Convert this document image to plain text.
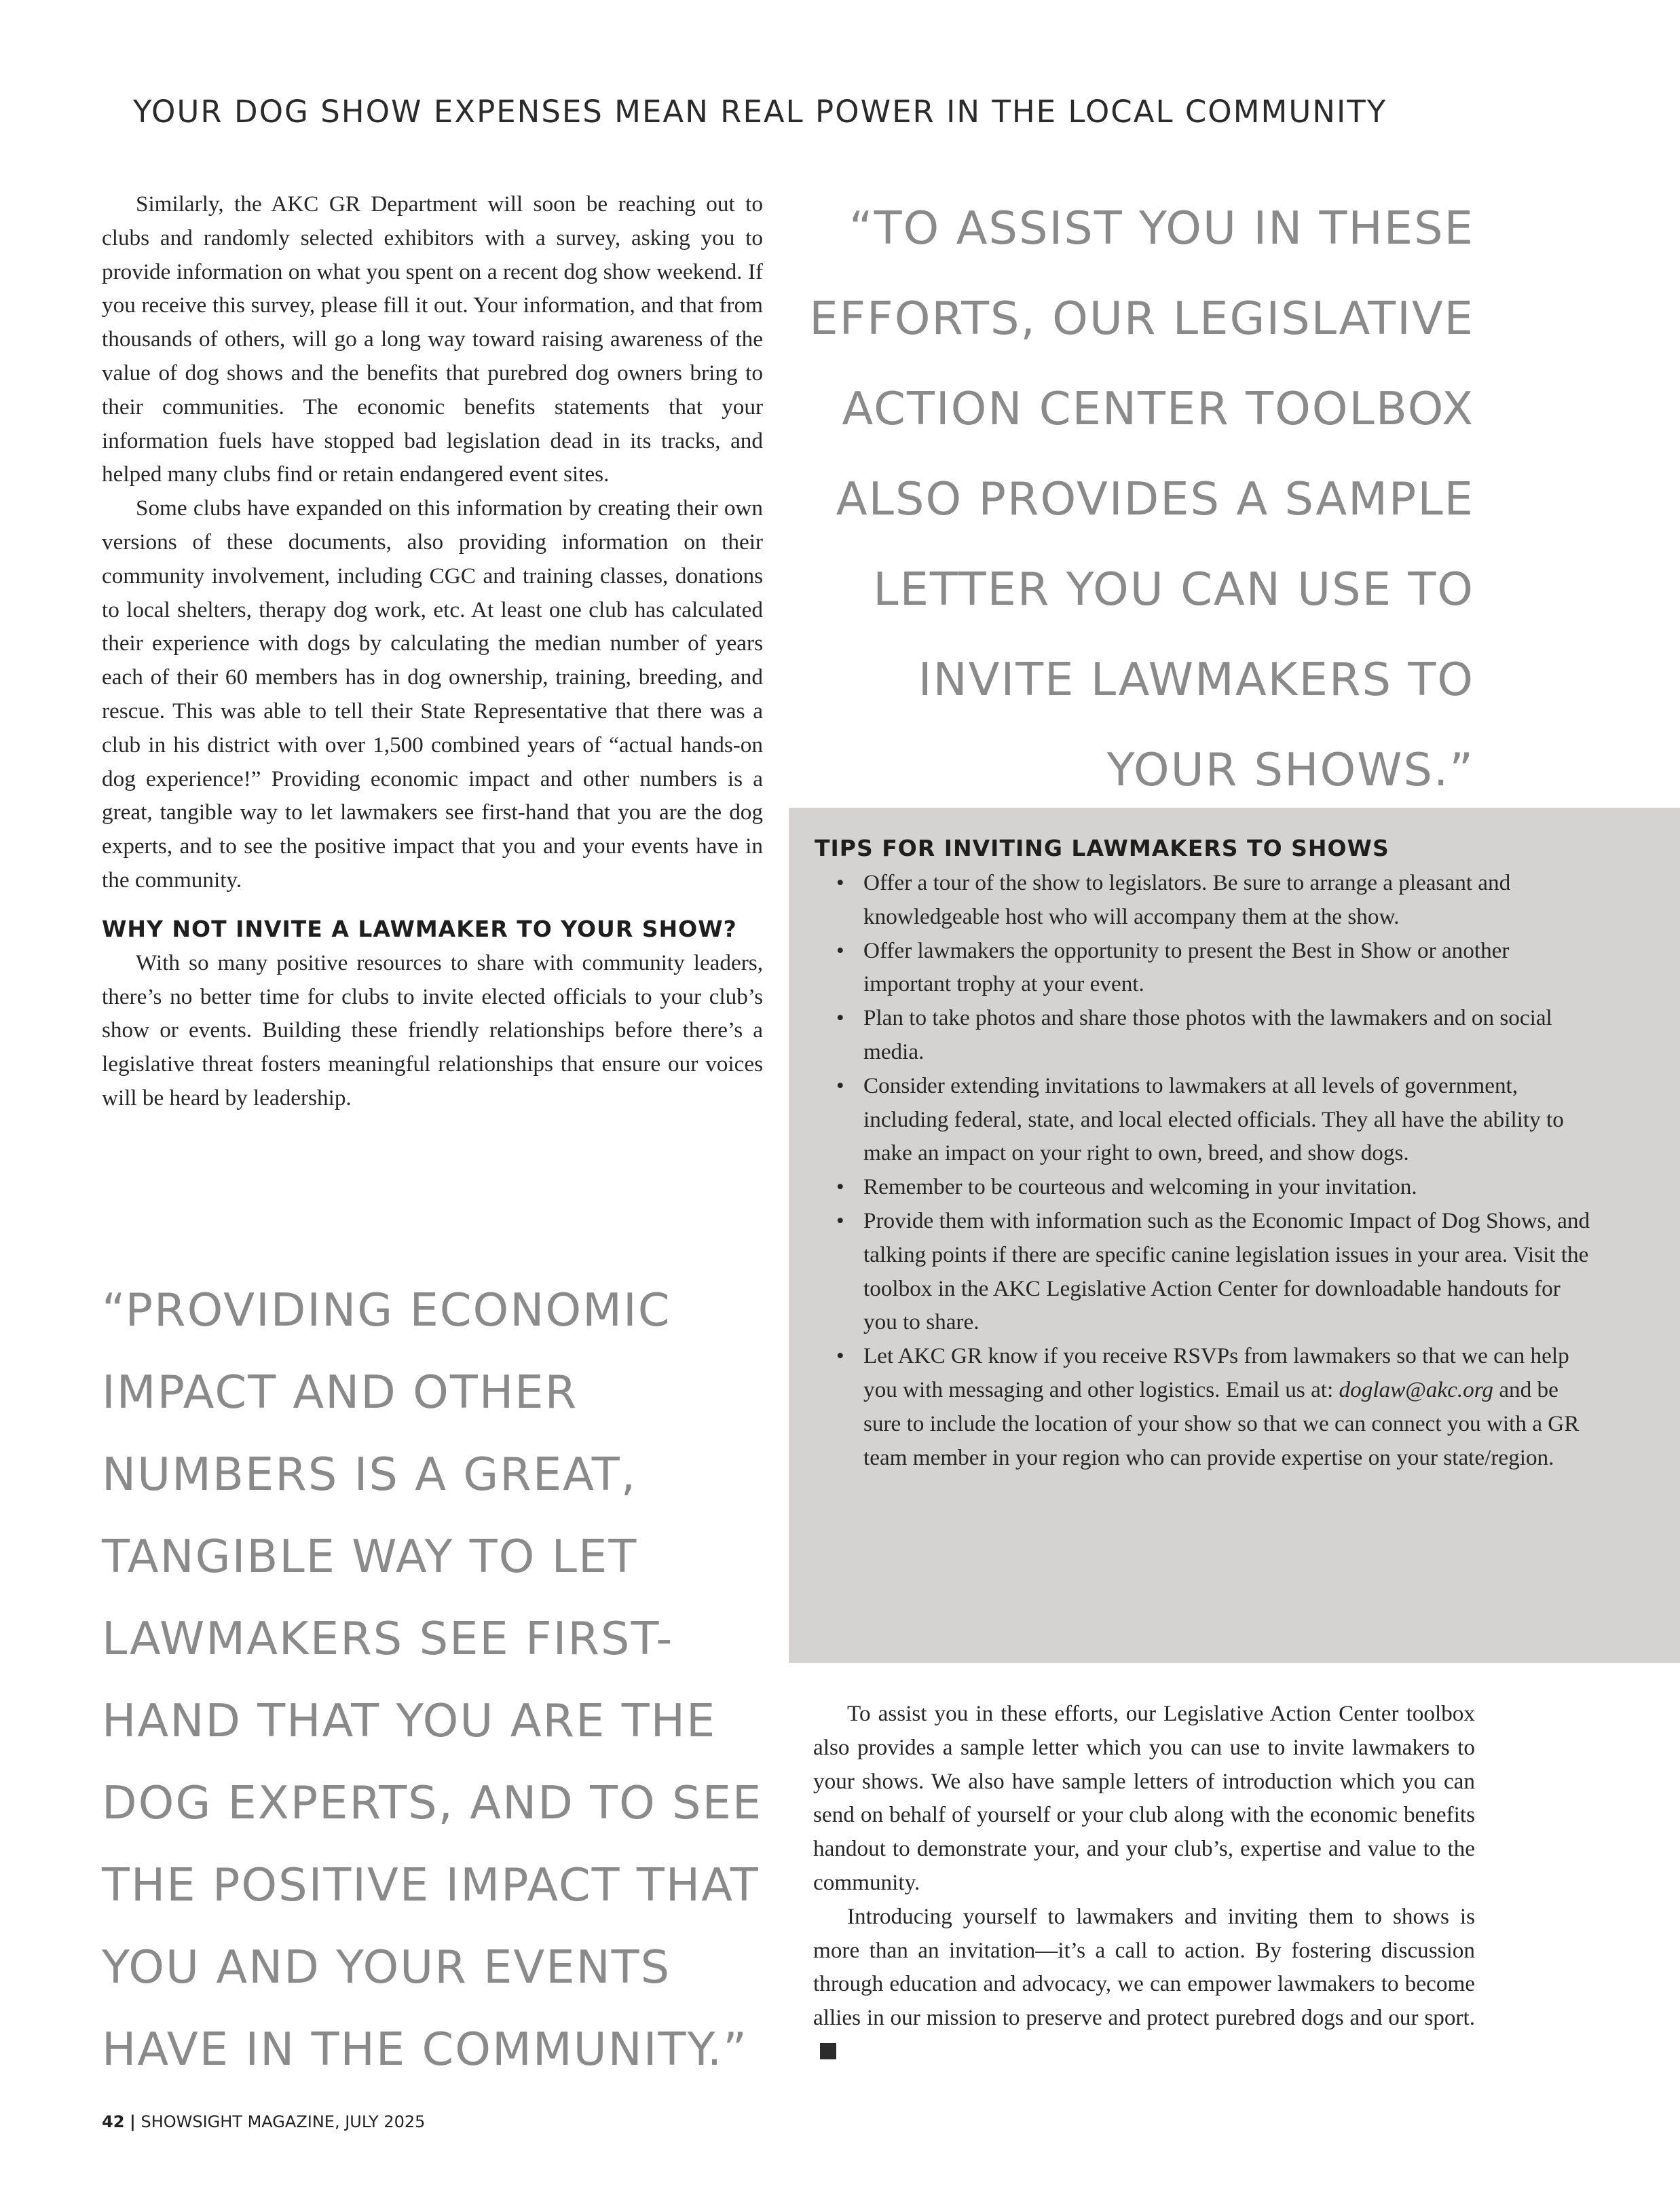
YOUR DOG SHOW EXPENSES MEAN REAL POWER IN THE LOCAL COMMUNITY

Similarly, the AKC GR Department will soon be reaching out to clubs and randomly selected exhibitors with a survey, asking you to provide information on what you spent on a recent dog show weekend. If you receive this survey, please fill it out. Your information, and that from thousands of others, will go a long way toward raising awareness of the value of dog shows and the benefits that purebred dog owners bring to their communities. The economic benefits statements that your information fuels have stopped bad legislation dead in its tracks, and helped many clubs find or retain endangered event sites.

Some clubs have expanded on this information by creating their own versions of these documents, also providing information on their community involvement, including CGC and training classes, donations to local shelters, therapy dog work, etc. At least one club has calculated their experience with dogs by calculating the median number of years each of their 60 members has in dog ownership, training, breeding, and rescue. This was able to tell their State Representative that there was a club in his district with over 1,500 combined years of “actual hands-on dog experience!” Providing economic impact and other numbers is a great, tangible way to let lawmakers see first-hand that you are the dog experts, and to see the positive impact that you and your events have in the community.

WHY NOT INVITE A LAWMAKER TO YOUR SHOW?

With so many positive resources to share with community leaders, there’s no better time for clubs to invite elected officials to your club’s show or events. Building these friendly relationships before there’s a legislative threat fosters meaningful relationships that ensure our voices will be heard by leadership.

“TO ASSIST YOU IN THESE
EFFORTS, OUR LEGISLATIVE
ACTION CENTER TOOLBOX
ALSO PROVIDES A SAMPLE
LETTER YOU CAN USE TO
INVITE LAWMAKERS TO
YOUR SHOWS.”
TIPS FOR INVITING LAWMAKERS TO SHOWS
• Offer a tour of the show to legislators. Be sure to arrange a pleasant and knowledgeable host who will accompany them at the show.
• Offer lawmakers the opportunity to present the Best in Show or another important trophy at your event.
• Plan to take photos and share those photos with the lawmakers and on social media.
• Consider extending invitations to lawmakers at all levels of government, including federal, state, and local elected officials. They all have the ability to make an impact on your right to own, breed, and show dogs.
• Remember to be courteous and welcoming in your invitation.
• Provide them with information such as the Economic Impact of Dog Shows, and talking points if there are specific canine legislation issues in your area. Visit the toolbox in the AKC Legislative Action Center for downloadable handouts for you to share.
• Let AKC GR know if you receive RSVPs from lawmakers so that we can help you with messaging and other logistics. Email us at: doglaw@akc.org and be sure to include the location of your show so that we can connect you with a GR team member in your region who can provide expertise on your state/region.
“PROVIDING ECONOMIC
IMPACT AND OTHER
NUMBERS IS A GREAT,
TANGIBLE WAY TO LET
LAWMAKERS SEE FIRST-
HAND THAT YOU ARE THE
DOG EXPERTS, AND TO SEE
THE POSITIVE IMPACT THAT
YOU AND YOUR EVENTS
HAVE IN THE COMMUNITY.”

To assist you in these efforts, our Legislative Action Center toolbox also provides a sample letter which you can use to invite lawmakers to your shows. We also have sample letters of introduction which you can send on behalf of yourself or your club along with the economic benefits handout to demonstrate your, and your club’s, expertise and value to the community.

Introducing yourself to lawmakers and inviting them to shows is more than an invitation—it’s a call to action. By fostering discussion through education and advocacy, we can empower lawmakers to become allies in our mission to preserve and protect purebred dogs and our sport.

42 | SHOWSIGHT MAGAZINE, JULY 2025
